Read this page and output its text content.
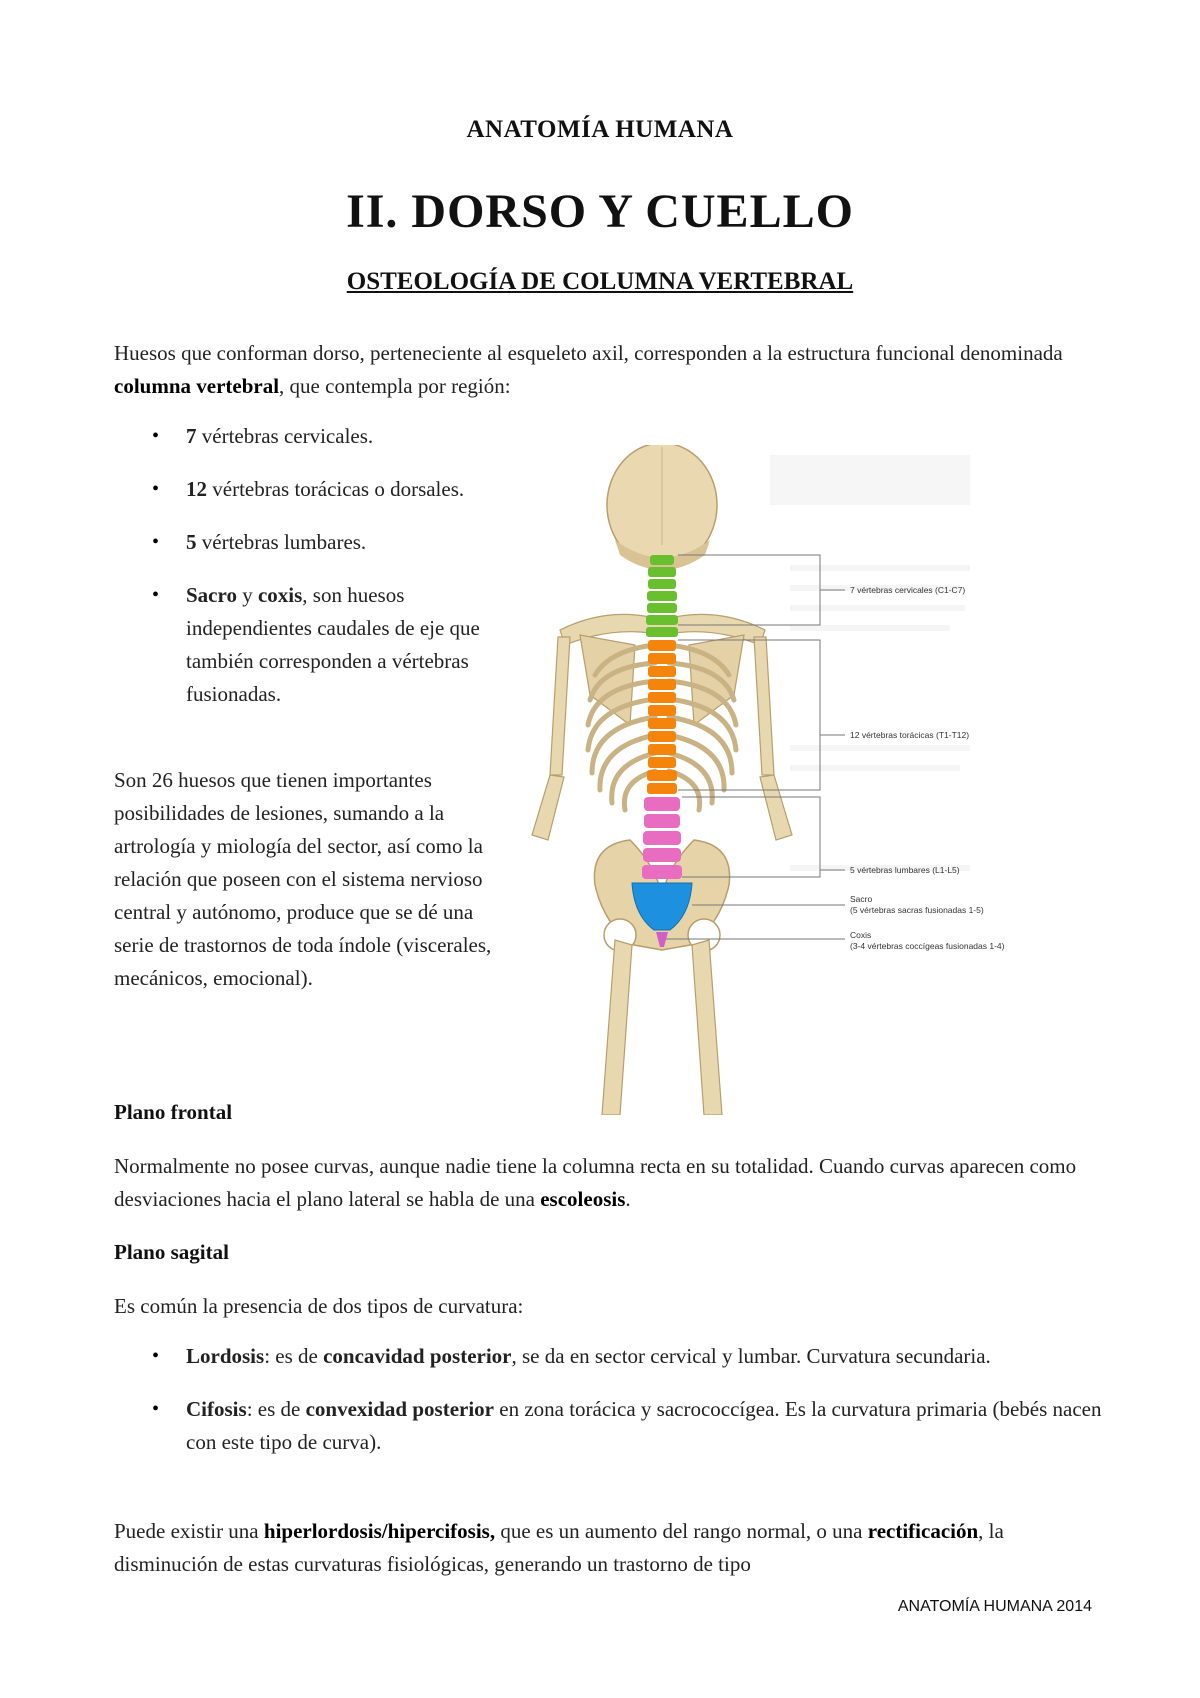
ANATOMÍA HUMANA
II. DORSO Y CUELLO
OSTEOLOGÍA DE COLUMNA VERTEBRAL
Huesos que conforman dorso, perteneciente al esqueleto axil, corresponden a la estructura funcional denominada columna vertebral, que contempla por región:
• 7 vértebras cervicales.
• 12 vértebras torácicas o dorsales.
• 5 vértebras lumbares.
• Sacro y coxis, son huesos independientes caudales de eje que también corresponden a vértebras fusionadas.
Son 26 huesos que tienen importantes posibilidades de lesiones, sumando a la artrología y miología del sector, así como la relación que poseen con el sistema nervioso central y autónomo, produce que se dé una serie de trastornos de toda índole (viscerales, mecánicos, emocional).
7 vértebras cervicales (C1-C7)
12 vértebras torácicas (T1-T12)
5 vértebras lumbares (L1-L5)
Sacro
(5 vértebras sacras fusionadas 1-5)
Coxis
(3-4 vértebras coccígeas fusionadas 1-4)
Plano frontal
Normalmente no posee curvas, aunque nadie tiene la columna recta en su totalidad. Cuando curvas aparecen como desviaciones hacia el plano lateral se habla de una escoleosis.
Plano sagital
Es común la presencia de dos tipos de curvatura:
• Lordosis: es de concavidad posterior, se da en sector cervical y lumbar. Curvatura secundaria.
• Cifosis: es de convexidad posterior en zona torácica y sacrococcígea. Es la curvatura primaria (bebés nacen con este tipo de curva).
Puede existir una hiperlordosis/hipercifosis, que es un aumento del rango normal, o una rectificación, la disminución de estas curvaturas fisiológicas, generando un trastorno de tipo
ANATOMÍA HUMANA 2014
